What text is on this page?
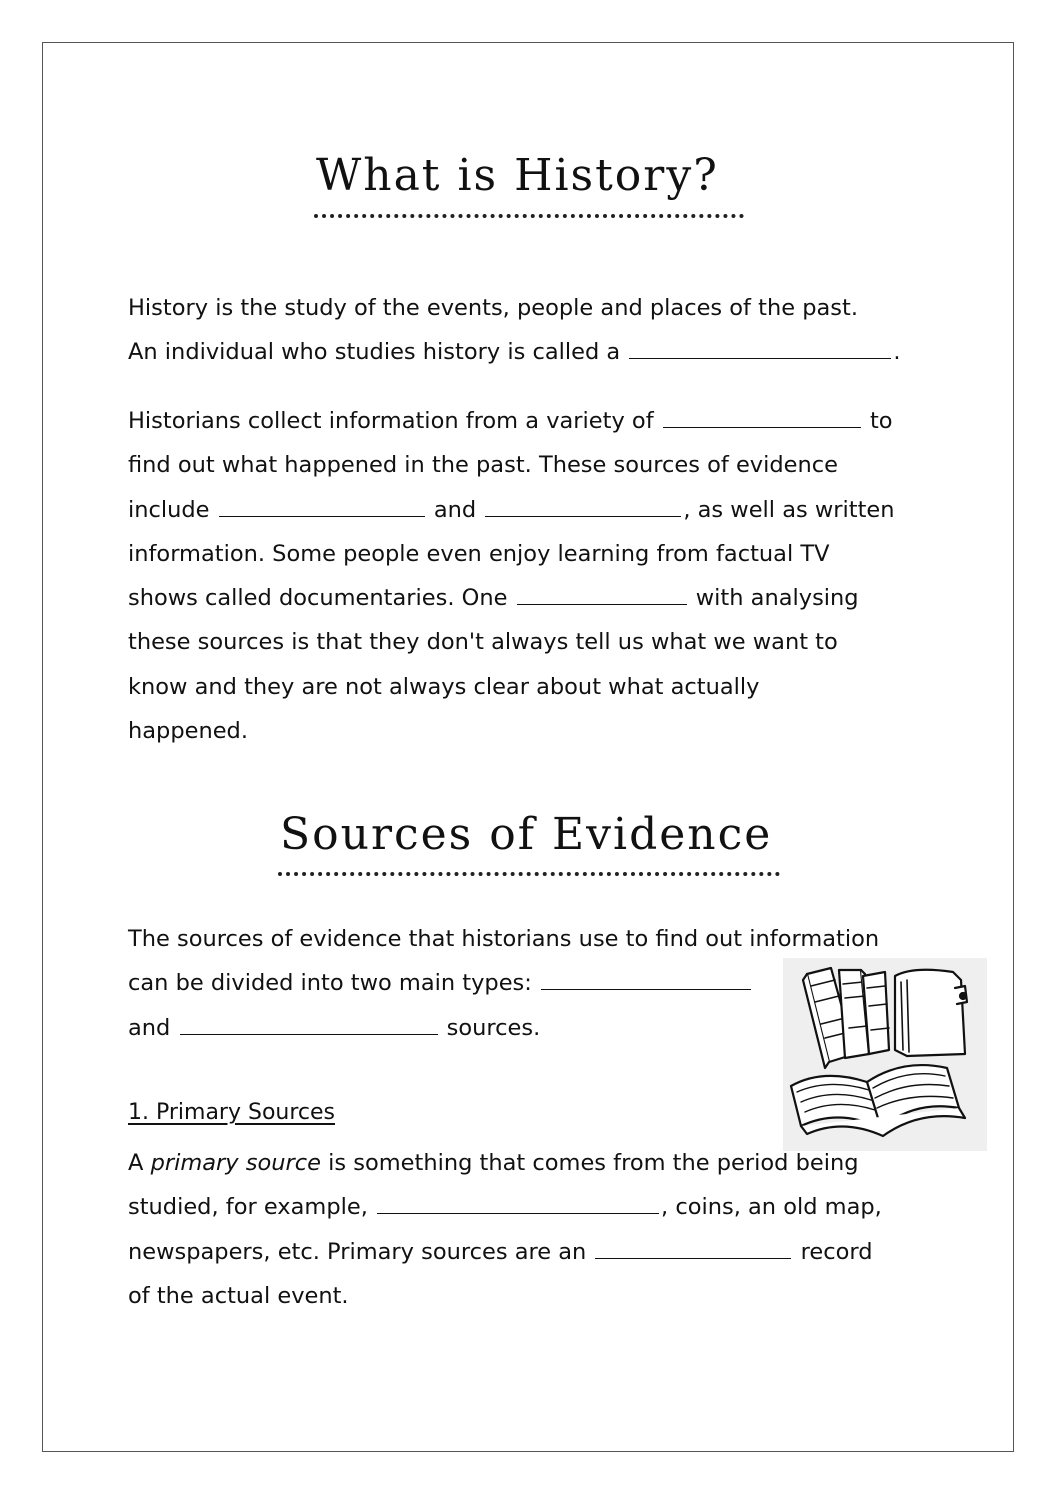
What is History?

History is the study of the events, people and places of the past.
An individual who studies history is called a	.

Historians collect information from a variety of	to
find out what happened in the past. These sources of evidence
include	and	, as well as written
information. Some people even enjoy learning from factual TV
shows called documentaries. One	with analysing
these sources is that they don't always tell us what we want to
know and they are not always clear about what actually
happened.

Sources of Evidence

The sources of evidence that historians use to find out information
can be divided into two main types:
and	sources.

1. Primary Sources

A primary source is something that comes from the period being
studied, for example,	, coins, an old map,
newspapers, etc. Primary sources are an	record
of the actual event.
